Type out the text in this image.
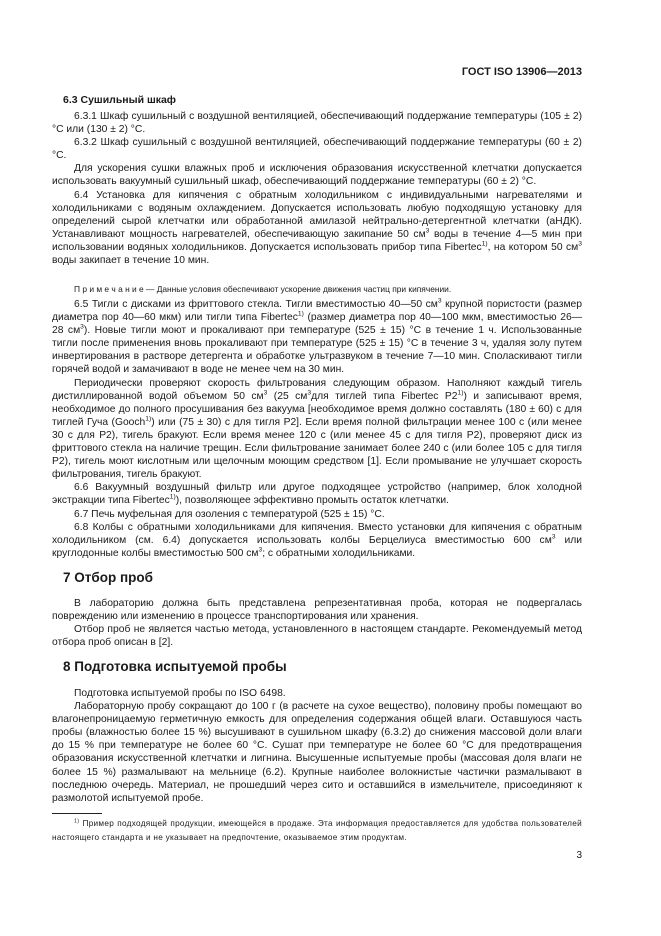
ГОСТ ISO 13906—2013
6.3 Сушильный шкаф

6.3.1 Шкаф сушильный с воздушной вентиляцией, обеспечивающий поддержание температуры (105 ± 2) °С или (130 ± 2) °С.

6.3.2 Шкаф сушильный с воздушной вентиляцией, обеспечивающий поддержание температуры (60 ± 2) °С.

Для ускорения сушки влажных проб и исключения образования искусственной клетчатки допускается использовать вакуумный сушильный шкаф, обеспечивающий поддержание температуры (60 ± 2) °С.

6.4 Установка для кипячения с обратным холодильником с индивидуальными нагревателями и холодильниками с водяным охлаждением. Допускается использовать любую подходящую установку для определений сырой клетчатки или обработанной амилазой нейтрально-детергентной клетчатки (аНДК). Устанавливают мощность нагревателей, обеспечивающую закипание 50 $см^3$ воды в течение 4—5 мин при использовании водяных холодильников. Допускается использовать прибор типа Fibertec$^{1)}$, на котором 50 $см^3$ воды закипает в течение 10 мин.

П р и м е ч а н и е — Данные условия обеспечивают ускорение движения частиц при кипячении.

6.5 Тигли с дисками из фриттового стекла. Тигли вместимостью 40—50 $см^3$ крупной пористости (размер диаметра пор 40—60 мкм) или тигли типа Fibertec$^{1)}$ (размер диаметра пор 40—100 мкм, вместимостью 26—28 $см^3$). Новые тигли моют и прокаливают при температуре (525 ± 15) °С в течение 1 ч. Использованные тигли после применения вновь прокаливают при температуре (525 ± 15) °С в течение 3 ч, удаляя золу путем инвертирования в растворе детергента и обработке ультразвуком в течение 7—10 мин. Споласкивают тигли горячей водой и замачивают в воде не менее чем на 30 мин.

Периодически проверяют скорость фильтрования следующим образом. Наполняют каждый тигель дистиллированной водой объемом 50 $см^3$ (25 $см^3для$ тиглей типа Fibertec P2$^{1)}$) и записывают время, необходимое до полного просушивания без вакуума [необходимое время должно составлять (180 ± 60) с для тиглей Гуча (Gooch$^{1)}$) или (75 ± 30) с для тигля Р2]. Если время полной фильтрации менее 100 с (или менее 30 с для Р2), тигель бракуют. Если время менее 120 с (или менее 45 с для тигля Р2), проверяют диск из фриттового стекла на наличие трещин. Если фильтрование занимает более 240 с (или более 105 с для тигля Р2), тигель моют кислотным или щелочным моющим средством [1]. Если промывание не улучшает скорость фильтрования, тигель бракуют.

6.6 Вакуумный воздушный фильтр или другое подходящее устройство (например, блок холодной экстракции типа Fibertec$^{1)}$), позволяющее эффективно промыть остаток клетчатки.

6.7 Печь муфельная для озоления с температурой (525 ± 15) °С.

6.8 Колбы с обратными холодильниками для кипячения. Вместо установки для кипячения с обратным холодильником (см. 6.4) допускается использовать колбы Берцелиуса вместимостью 600 $см^3$ или круглодонные колбы вместимостью 500 $см^3$; с обратными холодильниками.

7 Отбор проб

В лабораторию должна быть представлена репрезентативная проба, которая не подвергалась повреждению или изменению в процессе транспортирования или хранения.

Отбор проб не является частью метода, установленного в настоящем стандарте. Рекомендуемый метод отбора проб описан в [2].

8 Подготовка испытуемой пробы

Подготовка испытуемой пробы по ISO 6498.

Лабораторную пробу сокращают до 100 г (в расчете на сухое вещество), половину пробы помещают во влагонепроницаемую герметичную емкость для определения содержания общей влаги. Оставшуюся часть пробы (влажностью более 15 %) высушивают в сушильном шкафу (6.3.2) до снижения массовой доли влаги до 15 % при температуре не более 60 °С. Сушат при температуре не более 60 °С для предотвращения образования искусственной клетчатки и лигнина. Высушенные испытуемые пробы (массовая доля влаги не более 15 %) размалывают на мельнице (6.2). Крупные наиболее волокнистые частички размалывают в последнюю очередь. Материал, не прошедший через сито и оставшийся в измельчителе, присоединяют к размолотой испытуемой пробе.

$^{1)}$ Пример подходящей продукции, имеющейся в продаже. Эта информация предоставляется для удобства пользователей настоящего стандарта и не указывает на предпочтение, оказываемое этим продуктам.

3
